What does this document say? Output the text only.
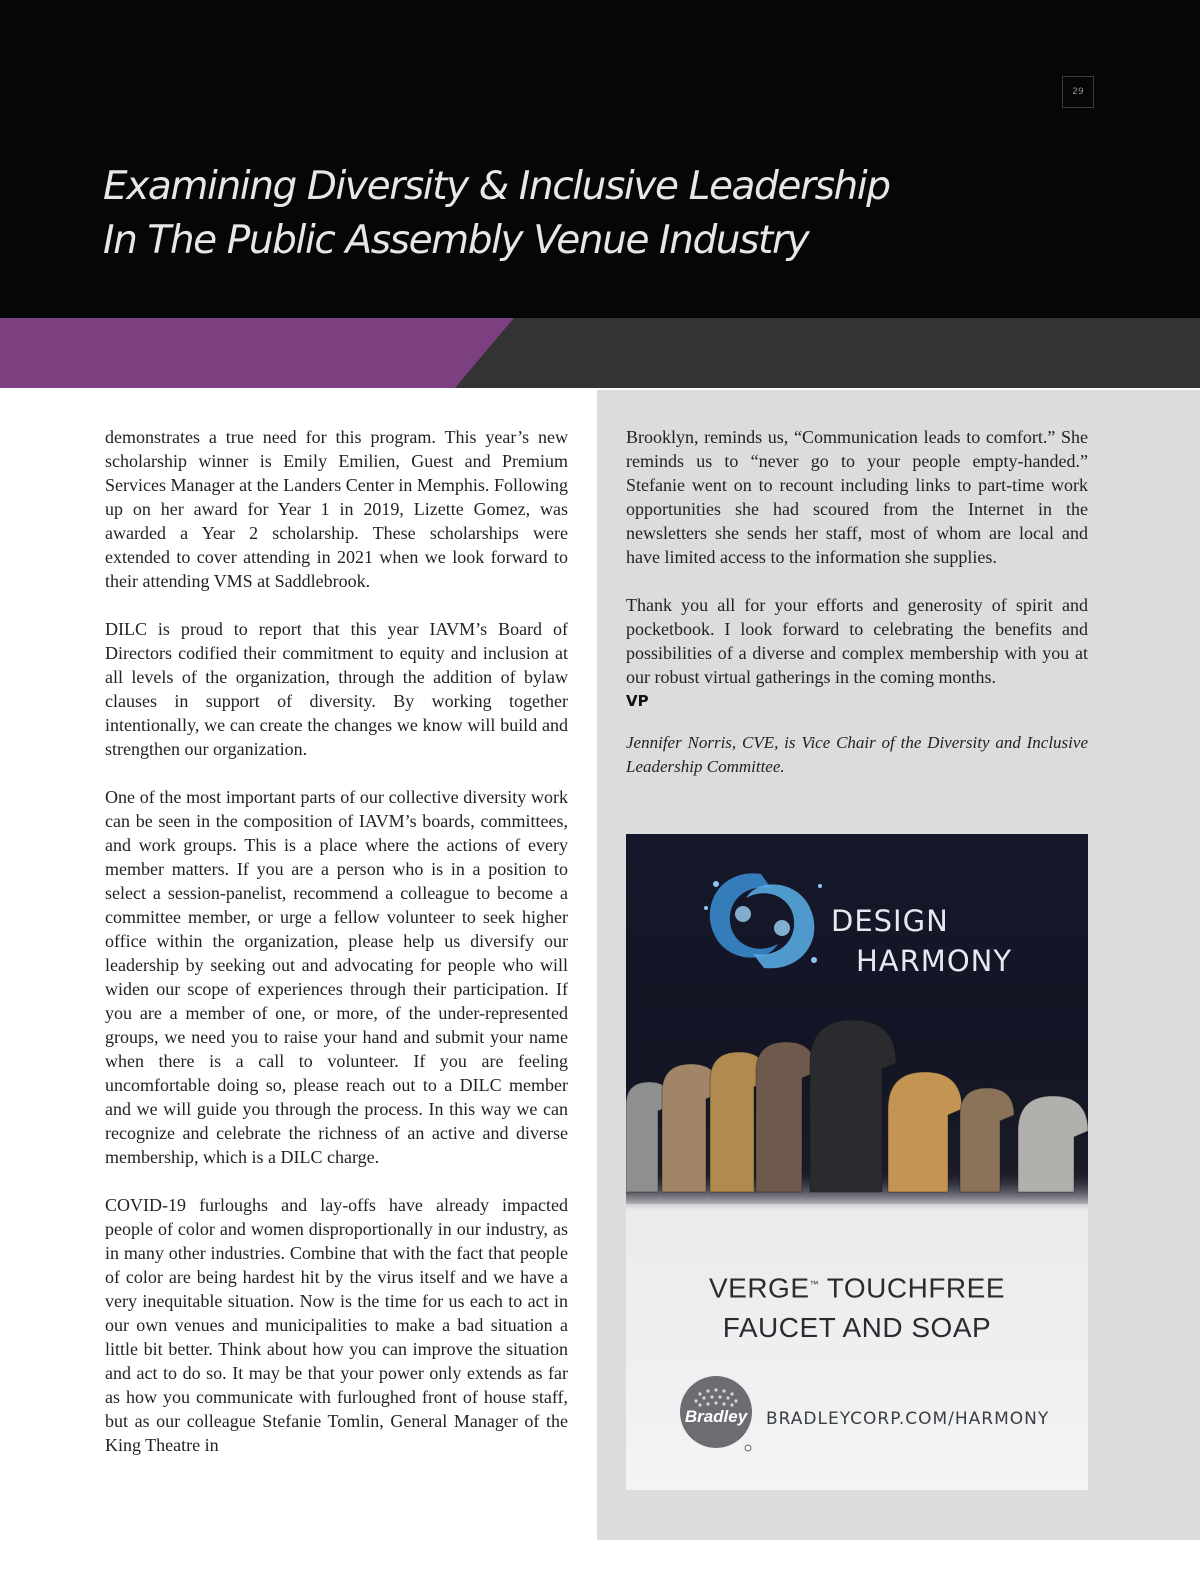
29
Examining Diversity & Inclusive Leadership
In The Public Assembly Venue Industry

demonstrates a true need for this program. This year’s new scholarship winner is Emily Emilien, Guest and Premium Services Manager at the Landers Center in Memphis. Following up on her award for Year 1 in 2019, Lizette Gomez, was awarded a Year 2 scholarship. These scholarships were extended to cover attending in 2021 when we look forward to their attending VMS at Saddlebrook.

DILC is proud to report that this year IAVM’s Board of Directors codified their commitment to equity and inclusion at all levels of the organization, through the addition of bylaw clauses in support of diversity. By working together intentionally, we can create the changes we know will build and strengthen our organization.

One of the most important parts of our collective diversity work can be seen in the composition of IAVM’s boards, committees, and work groups. This is a place where the actions of every member matters. If you are a person who is in a position to select a session-panelist, recommend a colleague to become a committee member, or urge a fellow volunteer to seek higher office within the organization, please help us diversify our leadership by seeking out and advocating for people who will widen our scope of experiences through their participation. If you are a member of one, or more, of the under-represented groups, we need you to raise your hand and submit your name when there is a call to volunteer. If you are feeling uncomfortable doing so, please reach out to a DILC member and we will guide you through the process. In this way we can recognize and celebrate the richness of an active and diverse membership, which is a DILC charge.

COVID-19 furloughs and lay-offs have already impacted people of color and women disproportionally in our industry, as in many other industries. Combine that with the fact that people of color are being hardest hit by the virus itself and we have a very inequitable situation. Now is the time for us each to act in our own venues and municipalities to make a bad situation a little bit better. Think about how you can improve the situation and act to do so. It may be that your power only extends as far as how you communicate with furloughed front of house staff, but as our colleague Stefanie Tomlin, General Manager of the King Theatre in

Brooklyn, reminds us, “Communication leads to comfort.” She reminds us to “never go to your people empty-handed.” Stefanie went on to recount including links to part-time work opportunities she had scoured from the Internet in the newsletters she sends her staff, most of whom are local and have limited access to the information she supplies.

Thank you all for your efforts and generosity of spirit and pocketbook. I look forward to celebrating the benefits and possibilities of a diverse and complex membership with you at our robust virtual gatherings in the coming months.

VP

Jennifer Norris, CVE, is Vice Chair of the Diversity and Inclusive Leadership Committee.

DESIGN
HARMONY
VERGE™ TOUCHFREE
FAUCET AND SOAP
Bradley BRADLEYCORP.COM/HARMONY
